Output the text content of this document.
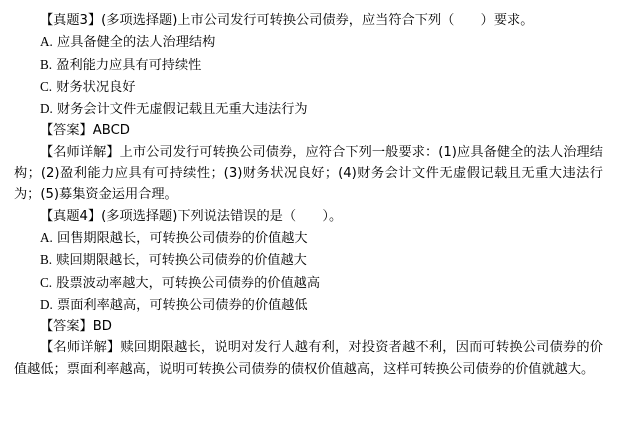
【真题3】(多项选择题)上市公司发行可转换公司债券，应当符合下列（　　）要求。
A. 应具备健全的法人治理结构
B. 盈利能力应具有可持续性
C. 财务状况良好
D. 财务会计文件无虚假记载且无重大违法行为
【答案】ABCD
【名师详解】上市公司发行可转换公司债券，应符合下列一般要求：(1)应具备健全的法人治理结构；(2)盈利能力应具有可持续性；(3)财务状况良好；(4)财务会计文件无虚假记载且无重大违法行为；(5)募集资金运用合理。
【真题4】(多项选择题)下列说法错误的是（　　）。
A. 回售期限越长，可转换公司债券的价值越大
B. 赎回期限越长，可转换公司债券的价值越大
C. 股票波动率越大，可转换公司债券的价值越高
D. 票面利率越高，可转换公司债券的价值越低
【答案】BD
【名师详解】赎回期限越长，说明对发行人越有利，对投资者越不利，因而可转换公司债券的价值越低；票面利率越高，说明可转换公司债券的债权价值越高，这样可转换公司债券的价值就越大。
